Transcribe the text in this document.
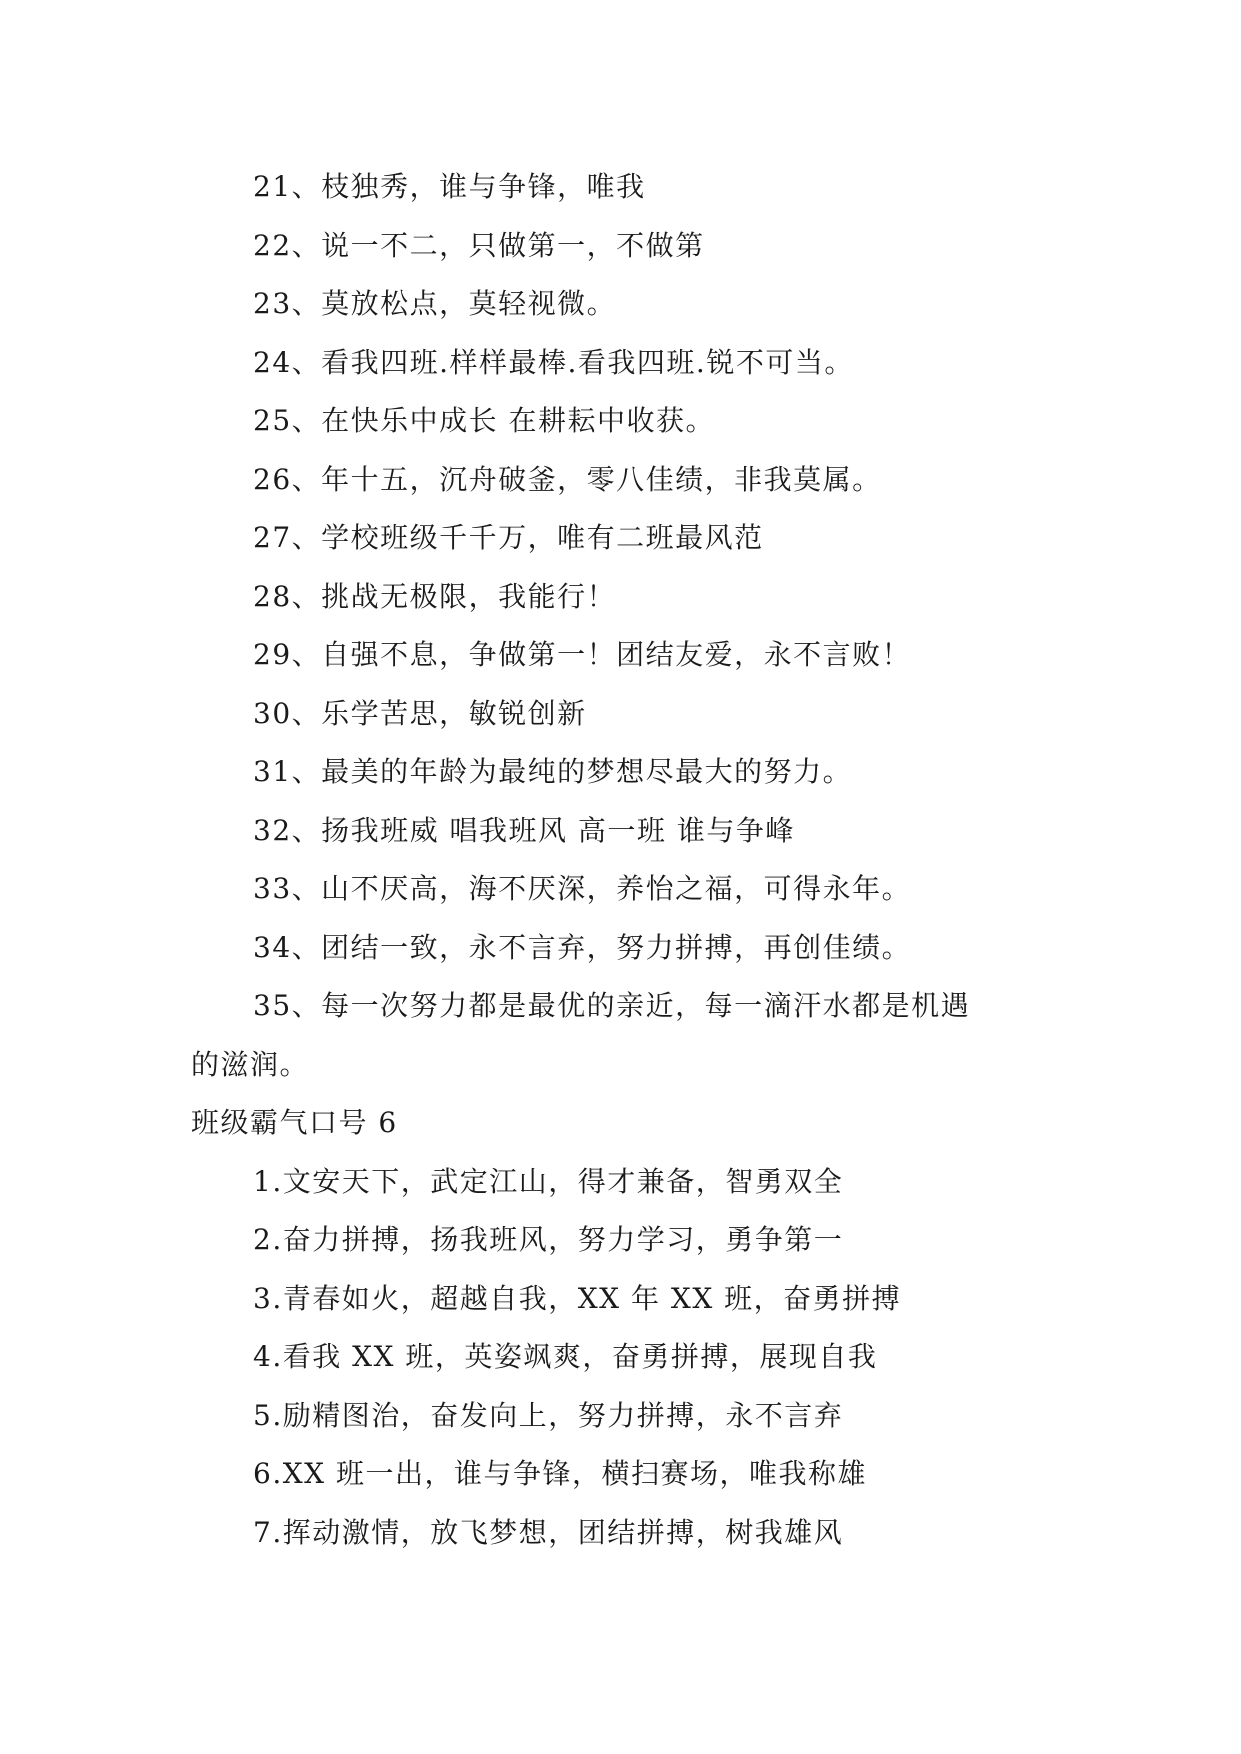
21、枝独秀，谁与争锋，唯我
22、说一不二，只做第一，不做第
23、莫放松点，莫轻视微。
24、看我四班.样样最棒.看我四班.锐不可当。
25、在快乐中成长 在耕耘中收获。
26、年十五，沉舟破釜，零八佳绩，非我莫属。
27、学校班级千千万，唯有二班最风范
28、挑战无极限，我能行！
29、自强不息，争做第一！团结友爱，永不言败！
30、乐学苦思，敏锐创新
31、最美的年龄为最纯的梦想尽最大的努力。
32、扬我班威 唱我班风 高一班 谁与争峰
33、山不厌高，海不厌深，养怡之福，可得永年。
34、团结一致，永不言弃，努力拼搏，再创佳绩。
35、每一次努力都是最优的亲近，每一滴汗水都是机遇
的滋润。
班级霸气口号 6
1.文安天下，武定江山，得才兼备，智勇双全
2.奋力拼搏，扬我班风，努力学习，勇争第一
3.青春如火，超越自我，XX 年 XX 班，奋勇拼搏
4.看我 XX 班，英姿飒爽，奋勇拼搏，展现自我
5.励精图治，奋发向上，努力拼搏，永不言弃
6.XX 班一出，谁与争锋，横扫赛场，唯我称雄
7.挥动激情，放飞梦想，团结拼搏，树我雄风
